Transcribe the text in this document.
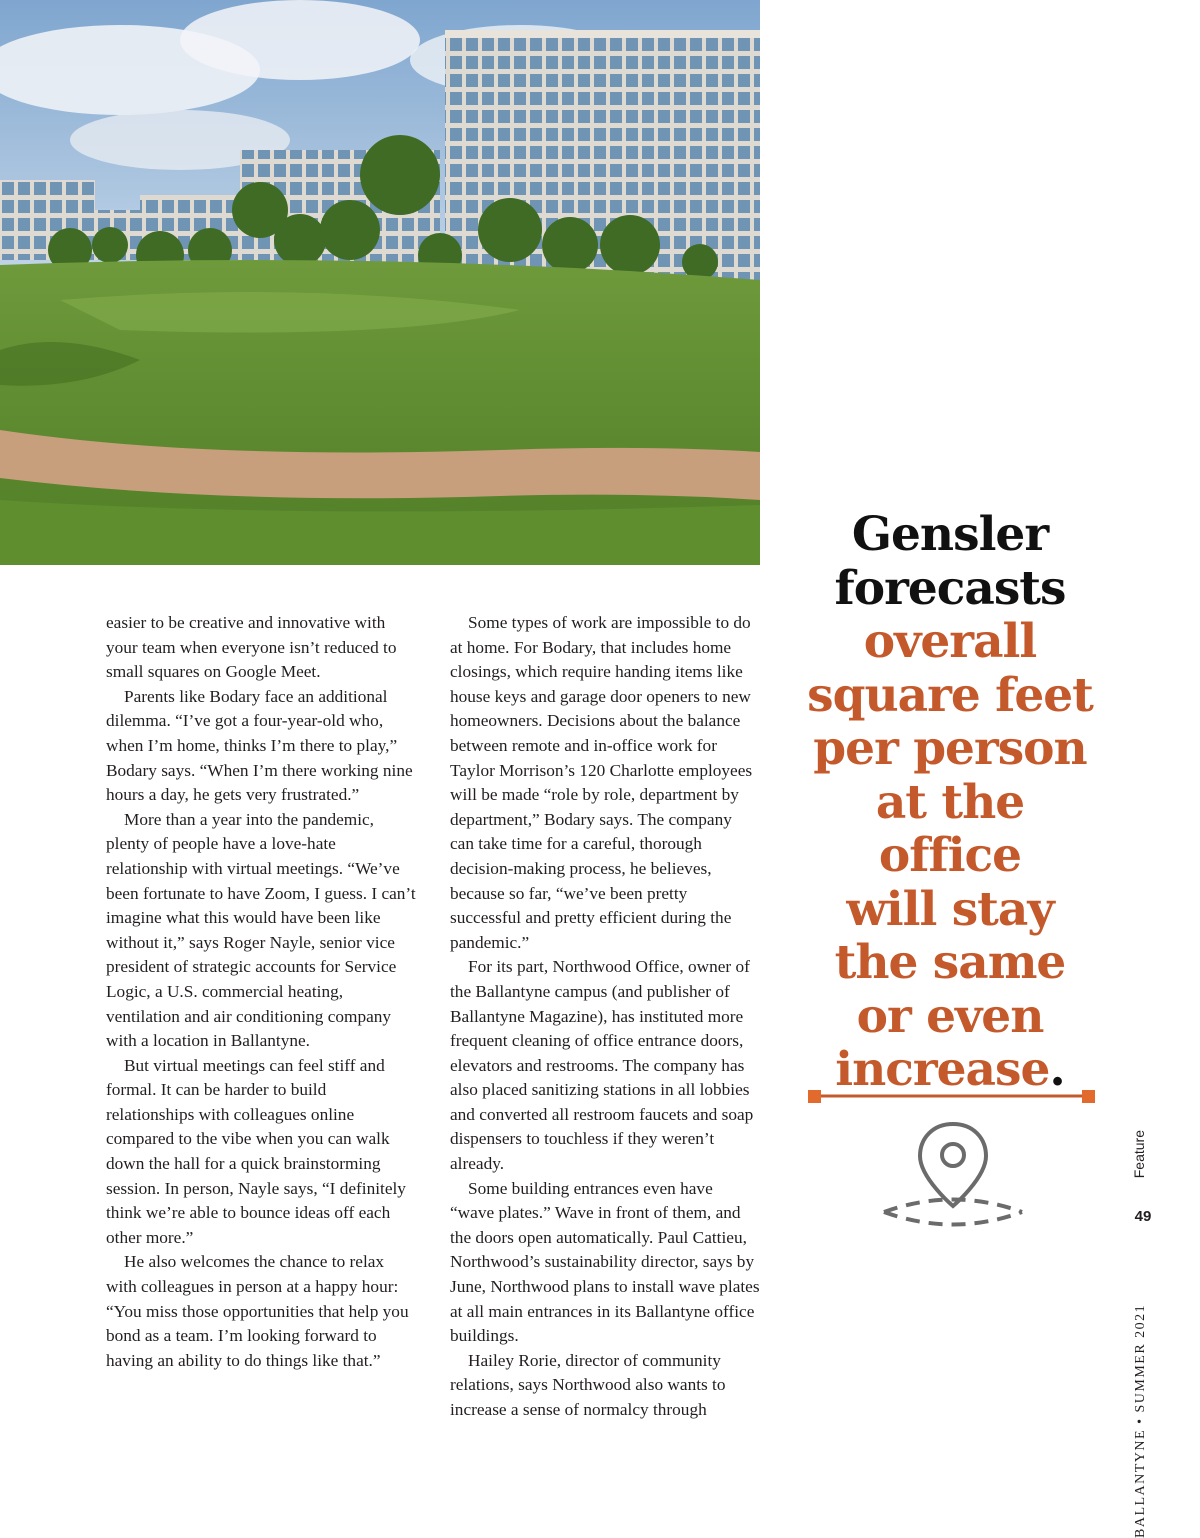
easier to be creative and innovative with your team when everyone isn’t reduced to small squares on Google Meet.

Parents like Bodary face an additional dilemma. “I’ve got a four-year-old who, when I’m home, thinks I’m there to play,” Bodary says. “When I’m there working nine hours a day, he gets very frustrated.”

More than a year into the pandemic, plenty of people have a love-hate relationship with virtual meetings. “We’ve been fortunate to have Zoom, I guess. I can’t imagine what this would have been like without it,” says Roger Nayle, senior vice president of strategic accounts for Service Logic, a U.S. commercial heating, ventilation and air conditioning company with a location in Ballantyne.

But virtual meetings can feel stiff and formal. It can be harder to build relationships with colleagues online compared to the vibe when you can walk down the hall for a quick brainstorming session. In person, Nayle says, “I definitely think we’re able to bounce ideas off each other more.”

He also welcomes the chance to relax with colleagues in person at a happy hour: “You miss those opportunities that help you bond as a team. I’m looking forward to having an ability to do things like that.”

Some types of work are impossible to do at home. For Bodary, that includes home closings, which require handing items like house keys and garage door openers to new homeowners. Decisions about the balance between remote and in-office work for Taylor Morrison’s 120 Charlotte employees will be made “role by role, department by department,” Bodary says. The company can take time for a careful, thorough decision-making process, he believes, because so far, “we’ve been pretty successful and pretty efficient during the pandemic.”

For its part, Northwood Office, owner of the Ballantyne campus (and publisher of Ballantyne Magazine), has instituted more frequent cleaning of office entrance doors, elevators and restrooms. The company has also placed sanitizing stations in all lobbies and converted all restroom faucets and soap dispensers to touchless if they weren’t already.

Some building entrances even have “wave plates.” Wave in front of them, and the doors open automatically. Paul Cattieu, Northwood’s sustainability director, says by June, Northwood plans to install wave plates at all main entrances in its Ballantyne office buildings.

Hailey Rorie, director of community relations, says Northwood also wants to increase a sense of normalcy through

Gensler
forecasts
overall
square feet
per person
at the office
will stay
the same
or even
increase.
Feature
49
BALLANTYNE • SUMMER 2021
